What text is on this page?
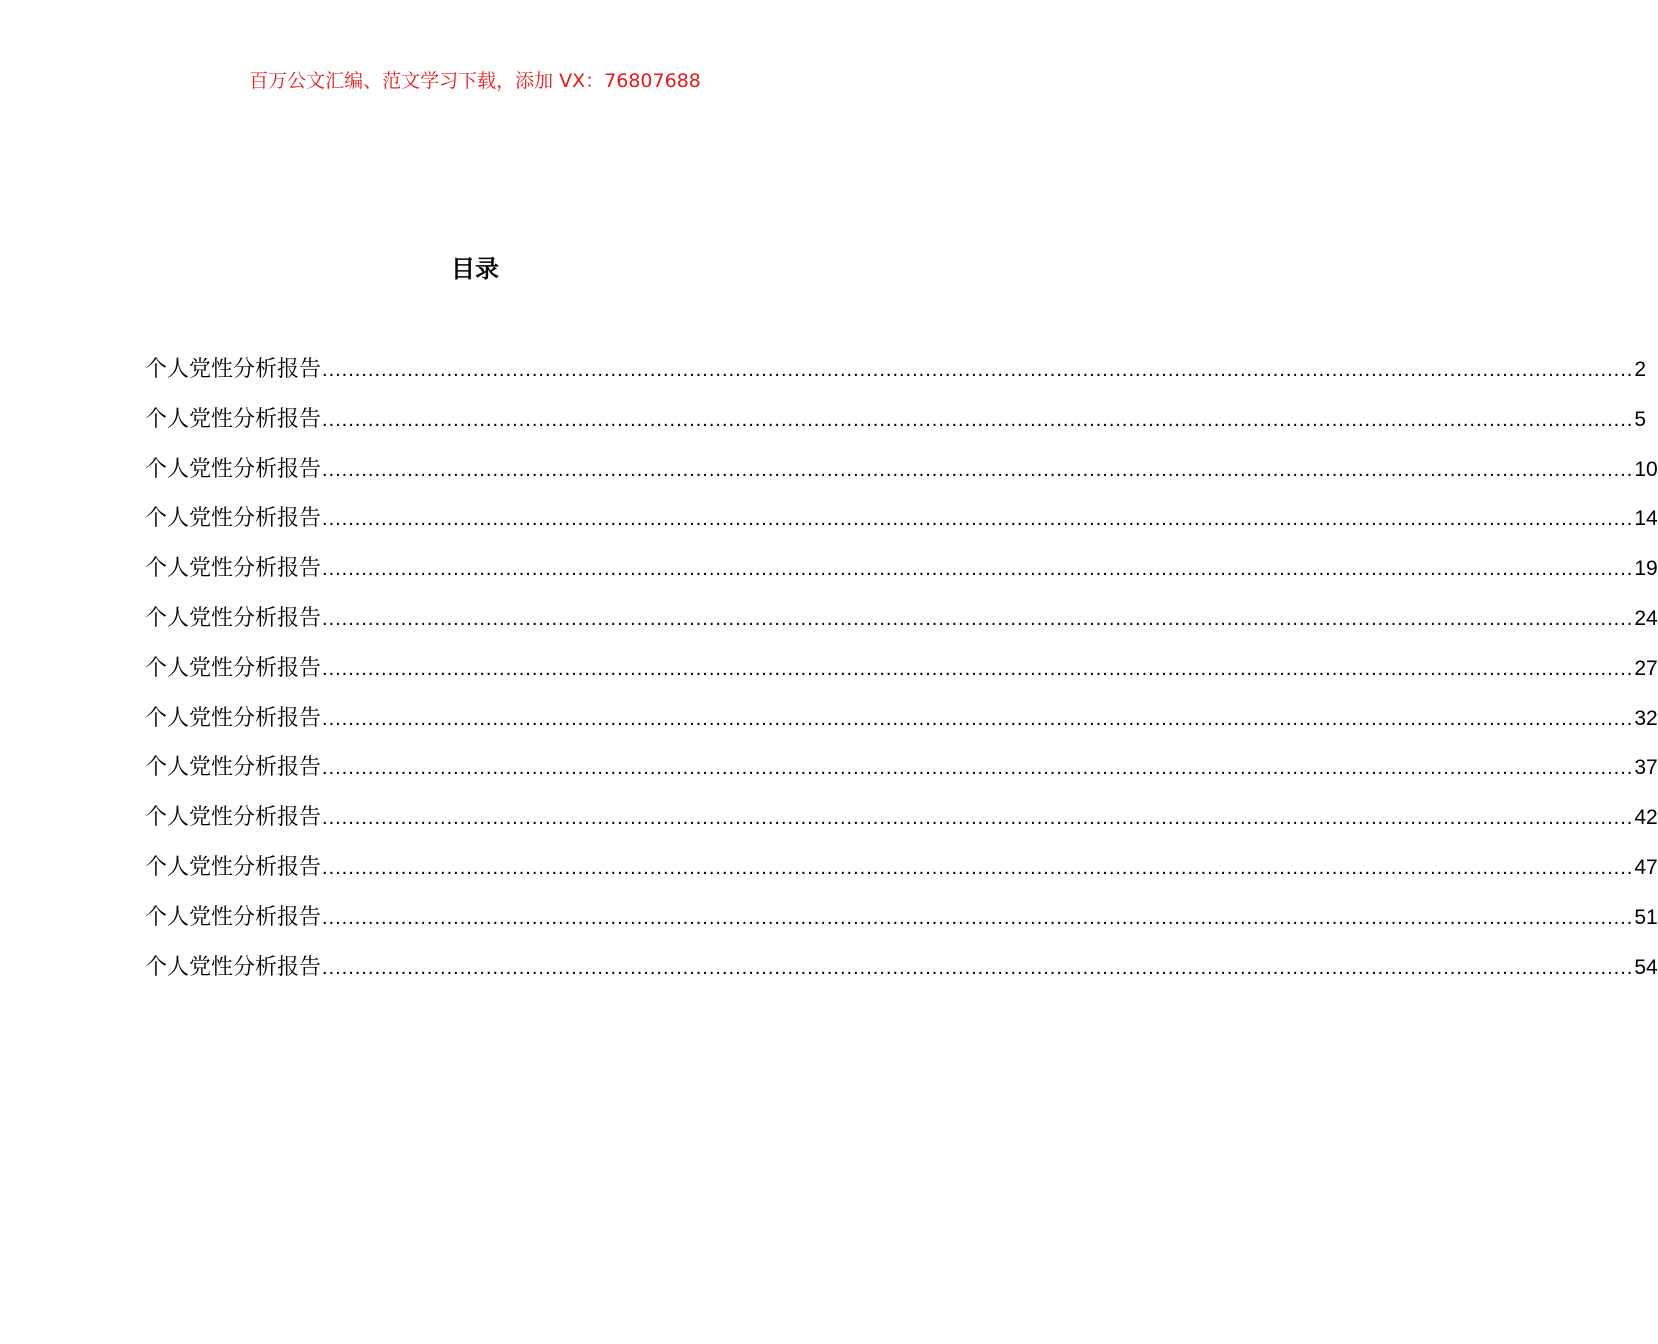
百万公文汇编、范文学习下载，添加 VX：76807688
目录
个人党性分析报告 ........................................................................................................................................................................................................ 2
个人党性分析报告 ........................................................................................................................................................................................................ 5
个人党性分析报告 ........................................................................................................................................................................................................ 10
个人党性分析报告 ........................................................................................................................................................................................................ 14
个人党性分析报告 ........................................................................................................................................................................................................ 19
个人党性分析报告 ........................................................................................................................................................................................................ 24
个人党性分析报告 ........................................................................................................................................................................................................ 27
个人党性分析报告 ........................................................................................................................................................................................................ 32
个人党性分析报告 ........................................................................................................................................................................................................ 37
个人党性分析报告 ........................................................................................................................................................................................................ 42
个人党性分析报告 ........................................................................................................................................................................................................ 47
个人党性分析报告 ........................................................................................................................................................................................................ 51
个人党性分析报告 ........................................................................................................................................................................................................ 54
